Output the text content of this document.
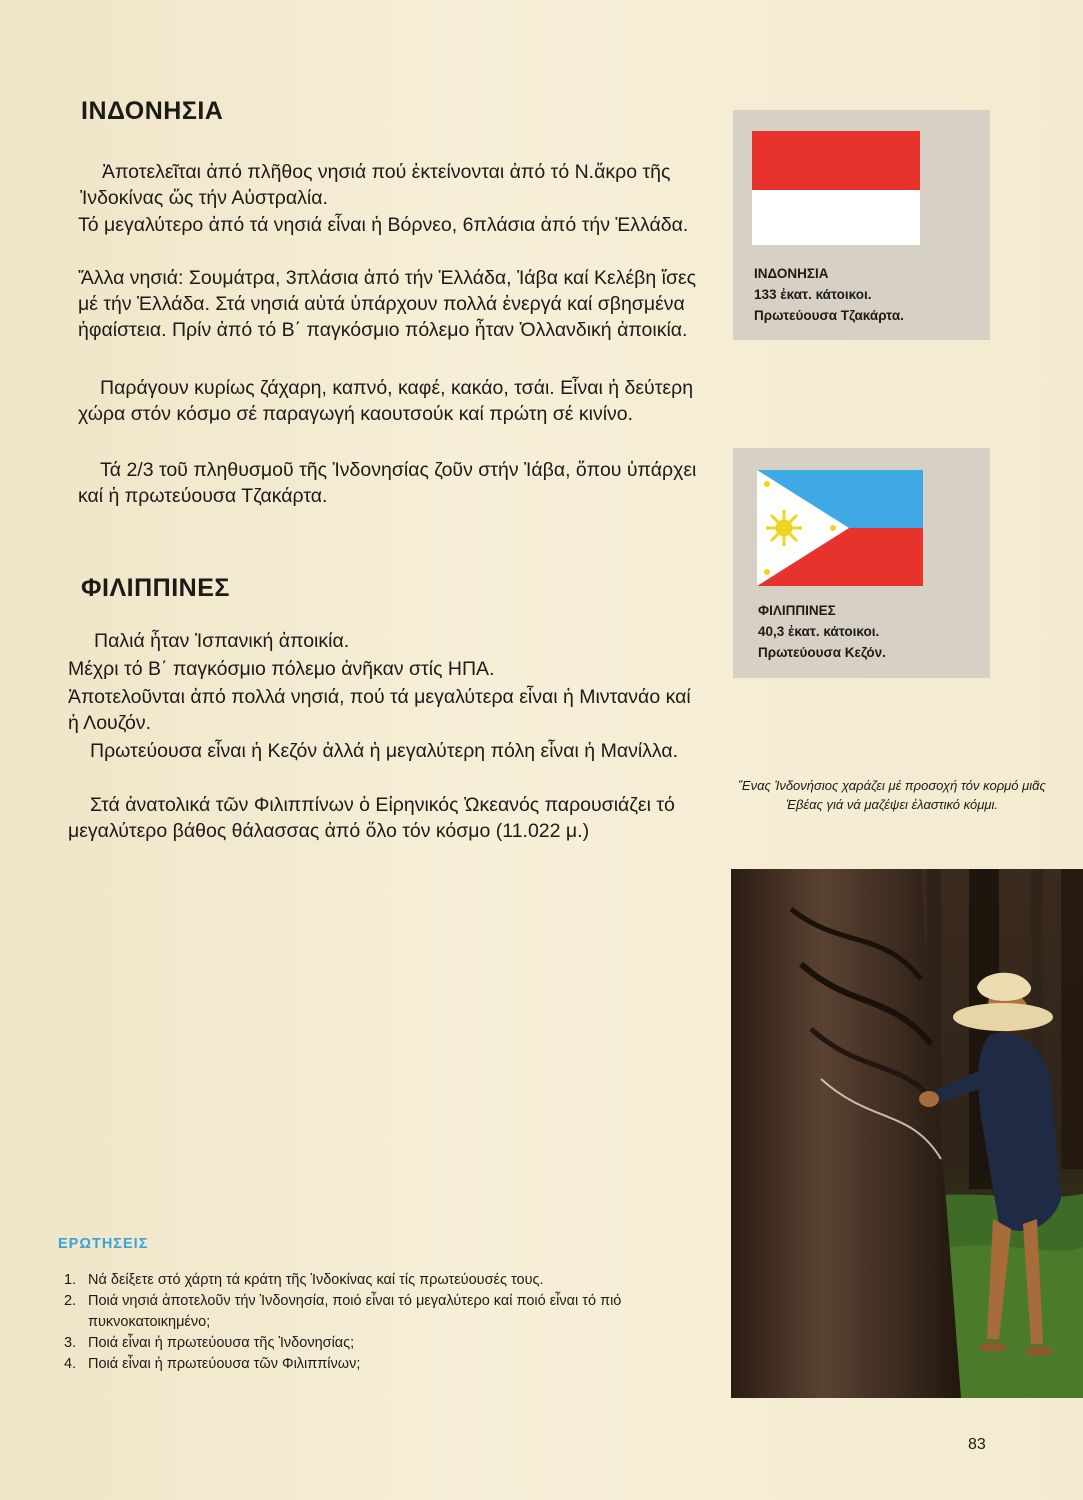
ΙΝΔΟΝΗΣΙΑ

Ἀποτελεῖται ἀπό πλῆθος νησιά πού ἐκτείνονται ἀπό τό Ν.ἄκρο τῆς Ἰνδοκίνας ὥς τήν Αὐστραλία.

Τό μεγαλύτερο ἀπό τά νησιά εἶναι ἡ Βόρνεο, 6πλάσια ἀπό τήν Ἑλλάδα.

Ἄλλα νησιά: Σουμάτρα, 3πλάσια ἀπό τήν Ἑλλάδα, Ἰάβα καί Κελέβη ἴσες μέ τήν Ἑλλάδα. Στά νησιά αὐτά ὑπάρχουν πολλά ἐνεργά καί σβησμένα ἡφαίστεια. Πρίν ἀπό τό Β΄ παγκόσμιο πόλεμο ἦταν Ὀλλανδική ἀποικία.

Παράγουν κυρίως ζάχαρη, καπνό, καφέ, κακάο, τσάι. Εἶναι ἡ δεύτερη χώρα στόν κόσμο σέ παραγωγή καουτσούκ καί πρώτη σέ κινίνο.

Τά 2/3 τοῦ πληθυσμοῦ τῆς Ἰνδονησίας ζοῦν στήν Ἰάβα, ὅπου ὑπάρχει καί ἡ πρωτεύουσα Τζακάρτα.

ΙΝΔΟΝΗΣΙΑ
133 ἐκατ. κάτοικοι.
Πρωτεύουσα Τζακάρτα.
ΦΙΛΙΠΠΙΝΕΣ

Παλιά ἦταν Ἰσπανική ἀποικία.

Μέχρι τό Β΄ παγκόσμιο πόλεμο ἀνῆκαν στίς ΗΠΑ.

Ἀποτελοῦνται ἀπό πολλά νησιά, πού τά μεγαλύτερα εἶναι ἡ Μιντανάο καί ἡ Λουζόν.

Πρωτεύουσα εἶναι ἡ Κεζόν ἀλλά ἡ μεγαλύτερη πόλη εἶναι ἡ Μανίλλα.

Στά ἀνατολικά τῶν Φιλιππίνων ὁ Εἰρηνικός Ὠκεανός παρουσιάζει τό μεγαλύτερο βάθος θάλασσας ἀπό ὅλο τόν κόσμο (11.022 μ.)

ΦΙΛΙΠΠΙΝΕΣ
40,3 ἐκατ. κάτοικοι.
Πρωτεύουσα Κεζόν.

Ἕνας Ἰνδονήσιος χαράζει μέ προσοχή τόν κορμό μιᾶς Ἑβέας γιά νά μαζέψει ἐλαστικό κόμμι.

ΕΡΩΤΗΣΕΙΣ
1. Νά δείξετε στό χάρτη τά κράτη τῆς Ἰνδοκίνας καί τίς πρωτεύουσές τους.
2. Ποιά νησιά ἀποτελοῦν τήν Ἰνδονησία, ποιό εἶναι τό μεγαλύτερο καί ποιό εἶναι τό πιό πυκνοκατοικημένο;
3. Ποιά εἶναι ἡ πρωτεύουσα τῆς Ἰνδονησίας;
4. Ποιά εἶναι ἡ πρωτεύουσα τῶν Φιλιππίνων;

83
